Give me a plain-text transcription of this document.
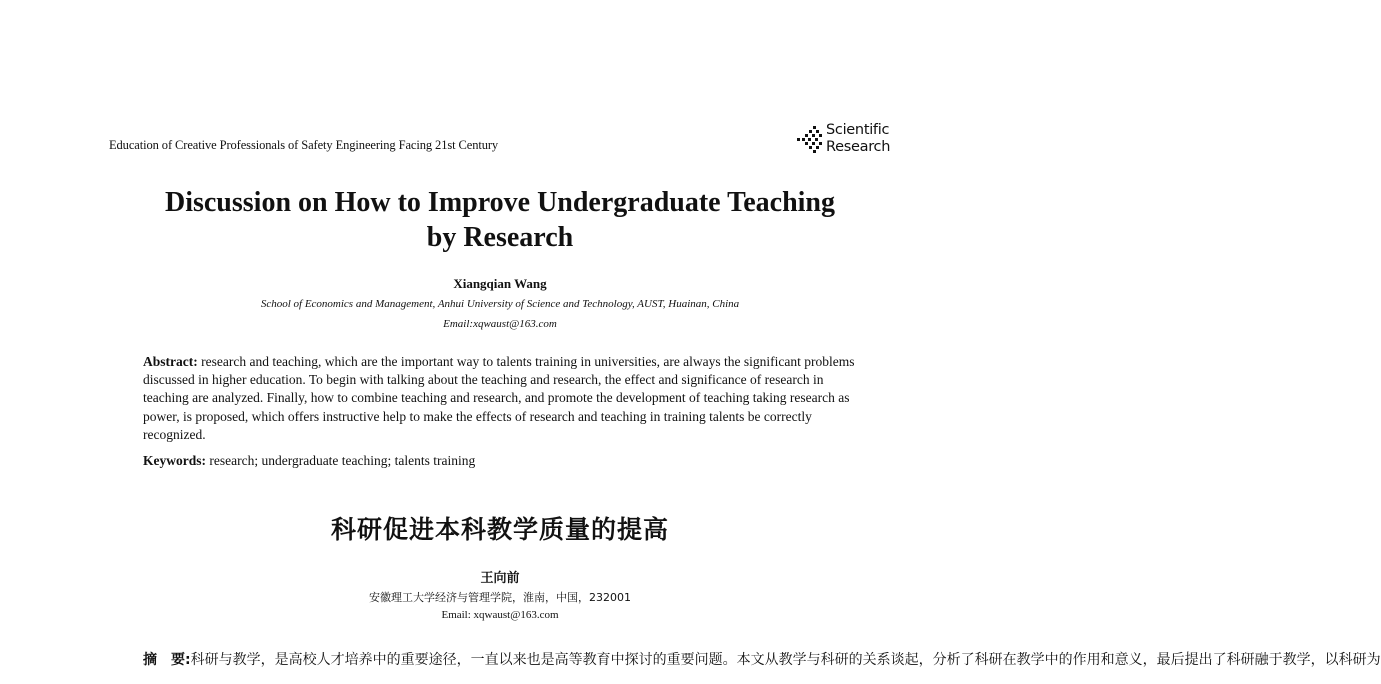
Education of Creative Professionals of Safety Engineering Facing 21st Century
Scientific
Research
Discussion on How to Improve Undergraduate Teaching
by Research
Xiangqian Wang
School of Economics and Management, Anhui University of Science and Technology, AUST, Huainan, China
Email:xqwaust@163.com
Abstract: research and teaching, which are the important way to talents training in universities, are always the significant problems discussed in higher education. To begin with talking about the teaching and research, the effect and significance of research in teaching are analyzed. Finally, how to combine teaching and research, and promote the development of teaching taking research as power, is proposed, which offers instructive help to make the effects of research and teaching in training talents be correctly recognized.
Keywords: research; undergraduate teaching; talents training
科研促进本科教学质量的提高
王向前
安徽理工大学经济与管理学院，淮南，中国，232001
Email: xqwaust@163.com
摘　要:科研与教学，是高校人才培养中的重要途径，一直以来也是高等教育中探讨的重要问题。本文从教学与科研的关系谈起，分析了科研在教学中的作用和意义，最后提出了科研融于教学，以科研为
